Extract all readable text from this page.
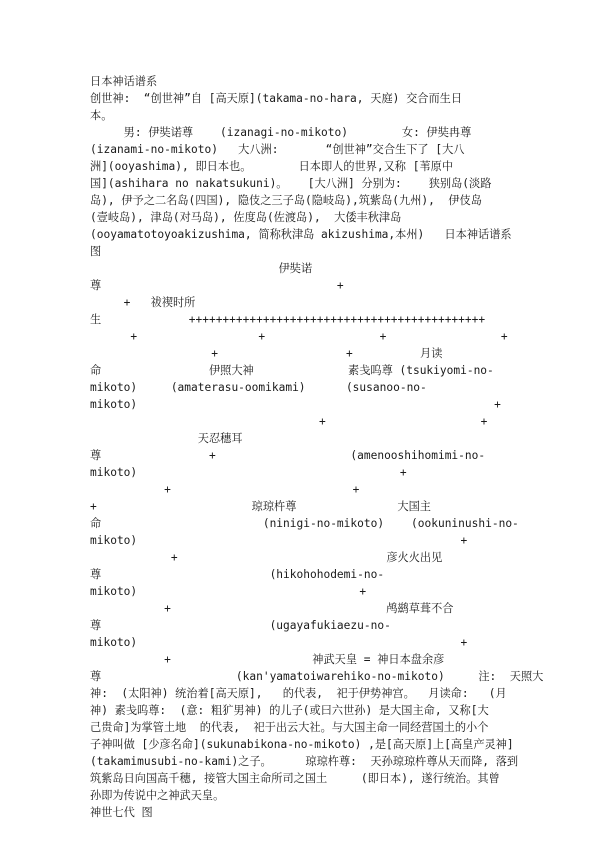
日本神话谱系
创世神:  “创世神”自 [高天原](takama-no-hara, 天庭) 交合而生日
本。
男: 伊奘诺尊    (izanagi-no-mikoto)        女: 伊奘冉尊
(izanami-no-mikoto)   大八洲:       “创世神”交合生下了 [大八
洲](ooyashima), 即日本也。       日本即人的世界,又称 [苇原中
国](ashihara no nakatsukuni)。   [大八洲] 分别为:    狭别岛(淡路
岛), 伊予之二名岛(四国), 隐伎之三子岛(隐岐岛),筑紫岛(九州),  伊伎岛
(壹岐岛), 津岛(对马岛), 佐度岛(佐渡岛),  大倭丰秋津岛
(ooyamatotoyoakizushima, 简称秋津岛 akizushima,本州)   日本神话谱系
图
伊奘诺
尊                                   +
+   祓禊时所
生             ++++++++++++++++++++++++++++++++++++++++++++
+                  +                 +                 +
+                   +          月读
命                伊照大神              素戋呜尊 (tsukiyomi-no-
mikoto)     (amaterasu-oomikami)      (susanoo-no-
mikoto)                                                     +
+                       +
天忍穗耳
尊                +                    (amenooshihomimi-no-
mikoto)                                       +
+                           +
+                       琼琼杵尊               大国主
命                        (ninigi-no-mikoto)    (ookuninushi-no-
mikoto)                                                +
+                               彦火火出见
尊                         (hikohohodemi-no-
mikoto)                                 +
+                                鸬鹚草葺不合
尊                         (ugayafukiaezu-no-
mikoto)                                                +
+                     神武天皇 = 神日本盘余彦
尊                    (kan'yamatoiwarehiko-no-mikoto)     注:  天照大
神:  (太阳神) 统治着[高天原],   的代表,  祀于伊势神宫。  月读命:   (月
神) 素戋呜尊:  (意: 粗犷男神) 的儿子(或曰六世孙) 是大国主命, 又称[大
己贵命]为掌管土地  的代表,  祀于出云大社。与大国主命一同经营国土的小个
子神叫做 [少彦名命](sukunabikona-no-mikoto) ,是[高天原]上[高皇产灵神]
(takamimusubi-no-kami)之子。     琼琼杵尊:  天孙琼琼杵尊从天而降, 落到
筑紫岛日向国高千穗, 接管大国主命所司之国土     (即日本), 遂行统治。其曾
孙即为传说中之神武天皇。
神世七代 图
